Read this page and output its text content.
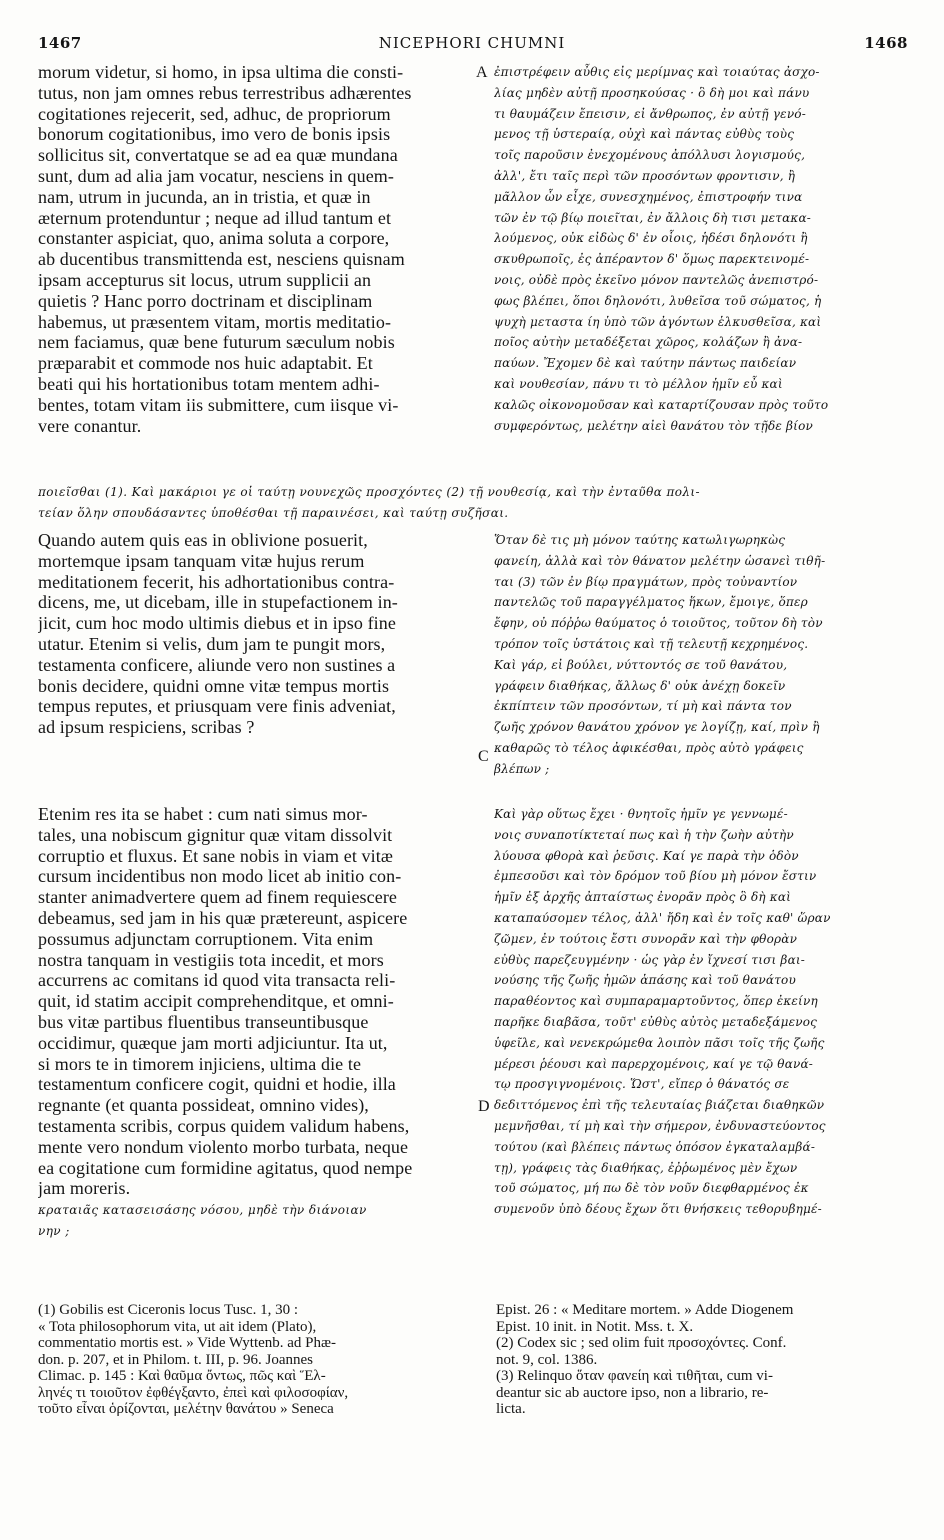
NICEPHORI CHUMNI
1467	1468
morum videtur, si homo, in ipsa ultima die consti-
tutus, non jam omnes rebus terrestribus adhærentes
cogitationes rejecerit, sed, adhuc, de propriorum
bonorum cogitationibus, imo vero de bonis ipsis
sollicitus sit, convertatque se ad ea quæ mundana
sunt, dum ad alia jam vocatur, nesciens in quem-
nam, utrum in jucunda, an in tristia, et quæ in
æternum protenduntur ; neque ad illud tantum et
constanter aspiciat, quo, anima soluta a corpore,
ab ducentibus transmittenda est, nesciens quisnam
ipsam accepturus sit locus, utrum supplicii an
quietis ? Hanc porro doctrinam et disciplinam
habemus, ut præsentem vitam, mortis meditatio-
nem faciamus, quæ bene futurum sæculum nobis
præparabit et commode nos huic adaptabit. Et
beati qui his hortationibus totam mentem adhi-
bentes, totam vitam iis submittere, cum iisque vi-
vere conantur.
A ἐπιστρέφειν αὖθις εἰς μερίμνας καὶ τοιαύτας ἀσχο-
λίας μηδὲν αὐτῇ προσηκούσας · ὃ δὴ μοι καὶ πάνυ
τι θαυμάζειν ἔπεισιν, εἰ ἄνθρωπος, ἐν αὐτῇ γενό-
μενος τῇ ὑστεραίᾳ, οὐχὶ καὶ πάντας εὐθὺς τοὺς
τοῖς παροῦσιν ἐνεχομένους ἀπόλλυσι λογισμούς,
ἀλλ', ἔτι ταῖς περὶ τῶν προσόντων φροντισιν, ἢ
μᾶλλον ὧν εἶχε, συνεσχημένος, ἐπιστροφήν τινα
τῶν ἐν τῷ βίῳ ποιεῖται, ἐν ἄλλοις δὴ τισι μετακα-
λούμενος, οὐκ εἰδὼς δ' ἐν οἷοις, ἡδέσι δηλονότι ἢ
σκυθρωποῖς, ἐς ἀπέραντον δ' ὅμως παρεκτεινομέ-
νοις, οὐδὲ πρὸς ἐκεῖνο μόνον παντελῶς ἀνεπιστρό-
φως βλέπει, ὅποι δηλονότι, λυθεῖσα τοῦ σώματος, ἡ
ψυχὴ μεταστα ίη ὑπὸ τῶν ἀγόντων ἑλκυσθεῖσα, καὶ
ποῖος αὐτὴν μεταδέξεται χῶρος, κολάζων ἢ ἀνα-
παύων. Ἔχομεν δὲ καὶ ταύτην πάντως παιδείαν
καὶ νουθεσίαν, πάνυ τι τὸ μέλλον ἡμῖν εὖ καὶ
καλῶς οἰκονομοῦσαν καὶ καταρτίζουσαν πρὸς τοῦτο
συμφερόντως, μελέτην αἰεὶ θανάτου τὸν τῇδε βίον
ποιεῖσθαι (1). Καὶ μακάριοι γε οἱ ταύτῃ νουνεχῶς προσχόντες (2) τῇ νουθεσίᾳ, καὶ τὴν ἐνταῦθα πολι-
τείαν ὅλην σπουδάσαντες ὑποθέσθαι τῇ παραινέσει, καὶ ταύτῃ συζῆσαι.
Quando autem quis eas in oblivione posuerit,
mortemque ipsam tanquam vitæ hujus rerum
meditationem fecerit, his adhortationibus contra-
dicens, me, ut dicebam, ille in stupefactionem in-
jicit, cum hoc modo ultimis diebus et in ipso fine
utatur. Etenim si velis, dum jam te pungit mors,
testamenta conficere, aliunde vero non sustines a
bonis decidere, quidni omne vitæ tempus mortis
tempus reputes, et priusquam vere finis adveniat,
ad ipsum respiciens, scribas ?
Ὅταν δὲ τις μὴ μόνον ταύτης κατωλιγωρηκὼς
φανείη, ἀλλὰ καὶ τὸν θάνατον μελέτην ὡσανεὶ τιθῆ-
ται (3) τῶν ἐν βίῳ πραγμάτων, πρὸς τοὐναντίον
παντελῶς τοῦ παραγγέλματος ἥκων, ἔμοιγε, ὅπερ
ἔφην, οὐ πόῤῥω θαύματος ὁ τοιοῦτος, τοῦτον δὴ τὸν
τρόπον τοῖς ὑστάτοις καὶ τῇ τελευτῇ κεχρημένος.
Καὶ γάρ, εἰ βούλει, νύττοντός σε τοῦ θανάτου,
γράφειν διαθήκας, ἄλλως δ' οὐκ ἀνέχῃ δοκεῖν
ἐκπίπτειν τῶν προσόντων, τί μὴ καὶ πάντα τον
ζωῆς χρόνον θανάτου χρόνον γε λογίζῃ, καί, πρὶν ἢ
καθαρῶς τὸ τέλος ἀφικέσθαι, πρὸς αὐτὸ γράφεις
βλέπων ;
C
Etenim res ita se habet : cum nati simus mor-
tales, una nobiscum gignitur quæ vitam dissolvit
corruptio et fluxus. Et sane nobis in viam et vitæ
cursum incidentibus non modo licet ab initio con-
stanter animadvertere quem ad finem requiescere
debeamus, sed jam in his quæ prætereunt, aspicere
possumus adjunctam corruptionem. Vita enim
nostra tanquam in vestigiis tota incedit, et mors
accurrens ac comitans id quod vita transacta reli-
quit, id statim accipit comprehenditque, et omni-
bus vitæ partibus fluentibus transeuntibusque
occidimur, quæque jam morti adjiciuntur. Ita ut,
si mors te in timorem injiciens, ultima die te
testamentum conficere cogit, quidni et hodie, illa
regnante (et quanta possideat, omnino vides),
testamenta scribis, corpus quidem validum habens,
mente vero nondum violento morbo turbata, neque
ea cogitatione cum formidine agitatus, quod nempe
jam moreris.
Καὶ γὰρ οὕτως ἔχει · θνητοῖς ἡμῖν γε γεννωμέ-
νοις συναποτίκτεταί πως καὶ ἡ τὴν ζωὴν αὐτὴν
λύουσα φθορὰ καὶ ῥεῦσις. Καί γε παρὰ τὴν ὁδὸν
ἐμπεσοῦσι καὶ τὸν δρόμον τοῦ βίου μὴ μόνον ἔστιν
ἡμῖν ἐξ ἀρχῆς ἀπταίστως ἐνορᾶν πρὸς ὃ δὴ καὶ
καταπαύσομεν τέλος, ἀλλ' ἤδη καὶ ἐν τοῖς καθ' ὥραν
ζῶμεν, ἐν τούτοις ἔστι συνορᾶν καὶ τὴν φθορὰν
εὐθὺς παρεζευγμένην · ὡς γὰρ ἐν ἴχνεσί τισι βαι-
νούσης τῆς ζωῆς ἡμῶν ἁπάσης καὶ τοῦ θανάτου
παραθέοντος καὶ συμπαραμαρτοῦντος, ὅπερ ἐκείνη
παρῆκε διαβᾶσα, τοῦτ' εὐθὺς αὐτὸς μεταδεξάμενος
ὑφεῖλε, καὶ νενεκρώμεθα λοιπὸν πᾶσι τοῖς τῆς ζωῆς
μέρεσι ῥέουσι καὶ παρερχομένοις, καί γε τῷ θανά-
τῳ προσγιγνομένοις. Ὥστ', εἴπερ ὁ θάνατός σε
δεδιττόμενος ἐπὶ τῆς τελευταίας βιάζεται διαθηκῶν
μεμνῆσθαι, τί μὴ καὶ τὴν σήμερον, ἐνδυναστεύοντος
τούτου (καὶ βλέπεις πάντως ὁπόσον ἐγκαταλαμβά-
τῃ), γράφεις τὰς διαθήκας, ἐῤῥωμένος μὲν ἔχων
τοῦ σώματος, μή πω δὲ τὸν νοῦν διεφθαρμένος ἐκ
συμενοῦν ὑπὸ δέους ἔχων ὅτι θνήσκεις τεθορυβημέ-
D
κραταιᾶς κατασεισάσης νόσου, μηδὲ τὴν διάνοιαν
νην ;
(1) Gobilis est Ciceronis locus Tusc. 1, 30 :
« Tota philosophorum vita, ut ait idem (Plato),
commentatio mortis est. » Vide Wyttenb. ad Phæ-
don. p. 207, et in Philom. t. III, p. 96. Joannes
Climac. p. 145 : Καὶ θαῦμα ὄντως, πῶς καὶ Ἕλ-
ληνές τι τοιοῦτον ἐφθέγξαντο, ἐπεὶ καὶ φιλοσοφίαν,
τοῦτο εἶναι ὁρίζονται, μελέτην θανάτου » Seneca
Epist. 26 : « Meditare mortem. » Adde Diogenem
Epist. 10 init. in Notit. Mss. t. X.
(2) Codex sic ; sed olim fuit προσοχόντες. Conf.
not. 9, col. 1386.
(3) Relinquo ὅταν φανείη καὶ τιθῆται, cum vi-
deantur sic ab auctore ipso, non a librario, re-
licta.
